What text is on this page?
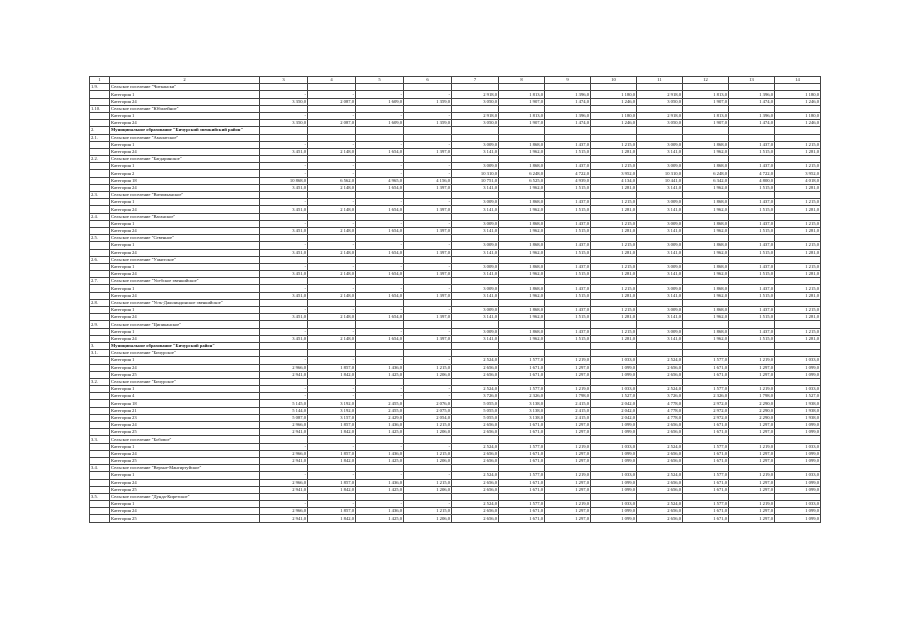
1	2	3	4	5	6	7	8	9	10	11	12	13	14
1.9.	Сельское поселение "Читкански"												
	Категория 1	-	-	-	-	2 918,0	1 813,0	1 396,0	1 180,0	2 918,0	1 813,0	1 396,0	1 180,0
	Категория 24	3 350,0	2 087,0	1 609,0	1 359,0	3 050,0	1 907,0	1 474,0	1 246,0	3 050,0	1 907,0	1 474,0	1 246,0
1.10.	Сельское поселение "Юбилейное"												
	Категория 1	-	-	-	-	2 918,0	1 813,0	1 396,0	1 180,0	2 918,0	1 813,0	1 396,0	1 180,0
	Категория 24	3 350,0	2 087,0	1 609,0	1 359,0	3 050,0	1 907,0	1 474,0	1 246,0	3 050,0	1 907,0	1 474,0	1 246,0
2.	Муниципальное образование "Бичурский эвенкийский район"												
2.1.	Сельское поселение "Амалатское"												
	Категория 1	-	-	-	-	3 009,0	1 868,0	1 437,0	1 215,0	3 009,0	1 868,0	1 437,0	1 215,0
	Категория 24	3 451,0	2 148,0	1 654,0	1 397,0	3 141,0	1 962,0	1 515,0	1 281,0	3 141,0	1 962,0	1 515,0	1 281,0
2.2.	Сельское поселение "Багдаринское"												
	Категория 1	-	-	-	-	3 009,0	1 868,0	1 437,0	1 215,0	3 009,0	1 868,0	1 437,0	1 215,0
	Категория 2	-	-	-	-	10 310,0	6 248,0	4 722,0	3 952,0	10 310,0	6 248,0	4 722,0	3 952,0
	Категория 18	10 868,0	6 562,0	4 965,0	4 156,0	10 751,0	6 525,0	4 939,0	4 134,0	10 441,0	6 342,0	4 800,0	4 018,0
	Категория 24	3 451,0	2 148,0	1 654,0	1 397,0	3 141,0	1 962,0	1 515,0	1 281,0	3 141,0	1 962,0	1 515,0	1 281,0
2.3.	Сельское поселение "Витимканское"												
	Категория 1	-	-	-	-	3 009,0	1 868,0	1 437,0	1 215,0	3 009,0	1 868,0	1 437,0	1 215,0
	Категория 24	3 451,0	2 148,0	1 654,0	1 397,0	3 141,0	1 962,0	1 515,0	1 281,0	3 141,0	1 962,0	1 515,0	1 281,0
2.4.	Сельское поселение "Ваганское"												
	Категория 1	-	-	-	-	3 009,0	1 868,0	1 437,0	1 215,0	3 009,0	1 868,0	1 437,0	1 215,0
	Категория 24	3 451,0	2 148,0	1 654,0	1 397,0	3 141,0	1 962,0	1 515,0	1 281,0	3 141,0	1 962,0	1 515,0	1 281,0
2.5.	Сельское поселение "Севенное"												
	Категория 1	-	-	-	-	3 009,0	1 868,0	1 437,0	1 215,0	3 009,0	1 868,0	1 437,0	1 215,0
	Категория 24	3 451,0	2 148,0	1 654,0	1 397,0	3 141,0	1 962,0	1 515,0	1 281,0	3 141,0	1 962,0	1 515,0	1 281,0
2.6.	Сельское поселение "Уакитское"												
	Категория 1	-	-	-	-	3 009,0	1 868,0	1 437,0	1 215,0	3 009,0	1 868,0	1 437,0	1 215,0
	Категория 24	3 451,0	2 148,0	1 654,0	1 397,0	3 141,0	1 962,0	1 515,0	1 281,0	3 141,0	1 962,0	1 515,0	1 281,0
2.7.	Сельское поселение "Уоебское эвенкийское"												
	Категория 1	-	-	-	-	3 009,0	1 868,0	1 437,0	1 215,0	3 009,0	1 868,0	1 437,0	1 215,0
	Категория 24	3 451,0	2 148,0	1 654,0	1 397,0	3 141,0	1 962,0	1 515,0	1 281,0	3 141,0	1 962,0	1 515,0	1 281,0
2.8.	Сельское поселение "Усть-Джилиндинское эвенкийское"												
	Категория 1	-	-	-	-	3 009,0	1 868,0	1 437,0	1 215,0	3 009,0	1 868,0	1 437,0	1 215,0
	Категория 24	3 451,0	2 148,0	1 654,0	1 397,0	3 141,0	1 962,0	1 515,0	1 281,0	3 141,0	1 962,0	1 515,0	1 281,0
2.9.	Сельское поселение "Ципиканское"												
	Категория 1	-	-	-	-	3 009,0	1 868,0	1 437,0	1 215,0	3 009,0	1 868,0	1 437,0	1 215,0
	Категория 24	3 451,0	2 148,0	1 654,0	1 397,0	3 141,0	1 962,0	1 515,0	1 281,0	3 141,0	1 962,0	1 515,0	1 281,0
3.	Муниципальное образование "Бичурский район"												
3.1.	Сельское поселение "Бичурское"												
	Категория 1	-	-	-	-	2 524,0	1 577,0	1 219,0	1 033,0	2 524,0	1 577,0	1 219,0	1 033,0
	Категория 24	2 966,0	1 857,0	1 436,0	1 215,0	2 656,0	1 671,0	1 297,0	1 099,0	2 656,0	1 671,0	1 297,0	1 099,0
	Категория 25	2 941,0	1 842,0	1 425,0	1 206,0	2 656,0	1 671,0	1 297,0	1 099,0	2 656,0	1 671,0	1 297,0	1 099,0
3.2.	Сельское поселение "Бичурское"												
	Категория 1	-	-	-	-	2 524,0	1 577,0	1 219,0	1 033,0	2 524,0	1 577,0	1 219,0	1 033,0
	Категория 4	-	-	-	-	3 726,0	2 326,0	1 798,0	1 527,0	3 726,0	2 326,0	1 798,0	1 527,0
	Категория 18	5 145,0	3 192,0	2 455,0	2 076,0	5 055,0	3 138,0	2 415,0	2 042,0	4 778,0	2 972,0	2 290,0	1 938,0
	Категория 21	5 144,0	3 192,0	2 455,0	2 075,0	5 055,0	3 138,0	2 415,0	2 042,0	4 778,0	2 972,0	2 290,0	1 938,0
	Категория 23	5 087,0	3 157,0	2 429,0	2 054,0	5 055,0	3 138,0	2 415,0	2 042,0	4 778,0	2 972,0	2 290,0	1 938,0
	Категория 24	2 966,0	1 857,0	1 436,0	1 215,0	2 656,0	1 671,0	1 297,0	1 099,0	2 656,0	1 671,0	1 297,0	1 099,0
	Категория 25	2 941,0	1 842,0	1 425,0	1 206,0	2 656,0	1 671,0	1 297,0	1 099,0	2 656,0	1 671,0	1 297,0	1 099,0
3.3.	Сельское поселение "Бобовое"												
	Категория 1	-	-	-	-	2 524,0	1 577,0	1 219,0	1 033,0	2 524,0	1 577,0	1 219,0	1 033,0
	Категория 24	2 966,0	1 857,0	1 436,0	1 215,0	2 656,0	1 671,0	1 297,0	1 099,0	2 656,0	1 671,0	1 297,0	1 099,0
	Категория 25	2 941,0	1 842,0	1 425,0	1 206,0	2 656,0	1 671,0	1 297,0	1 099,0	2 656,0	1 671,0	1 297,0	1 099,0
3.4.	Сельское поселение "Верхне-Мангиртуйское"												
	Категория 1	-	-	-	-	2 524,0	1 577,0	1 219,0	1 033,0	2 524,0	1 577,0	1 219,0	1 033,0
	Категория 24	2 966,0	1 857,0	1 436,0	1 215,0	2 656,0	1 671,0	1 297,0	1 099,0	2 656,0	1 671,0	1 297,0	1 099,0
	Категория 25	2 941,0	1 842,0	1 425,0	1 206,0	2 656,0	1 671,0	1 297,0	1 099,0	2 656,0	1 671,0	1 297,0	1 099,0
3.5.	Сельское поселение "Дунда-Киретское"												
	Категория 1	-	-	-	-	2 524,0	1 577,0	1 219,0	1 033,0	2 524,0	1 577,0	1 219,0	1 033,0
	Категория 24	2 966,0	1 857,0	1 436,0	1 215,0	2 656,0	1 671,0	1 297,0	1 099,0	2 656,0	1 671,0	1 297,0	1 099,0
	Категория 25	2 941,0	1 842,0	1 425,0	1 206,0	2 656,0	1 671,0	1 297,0	1 099,0	2 656,0	1 671,0	1 297,0	1 099,0
